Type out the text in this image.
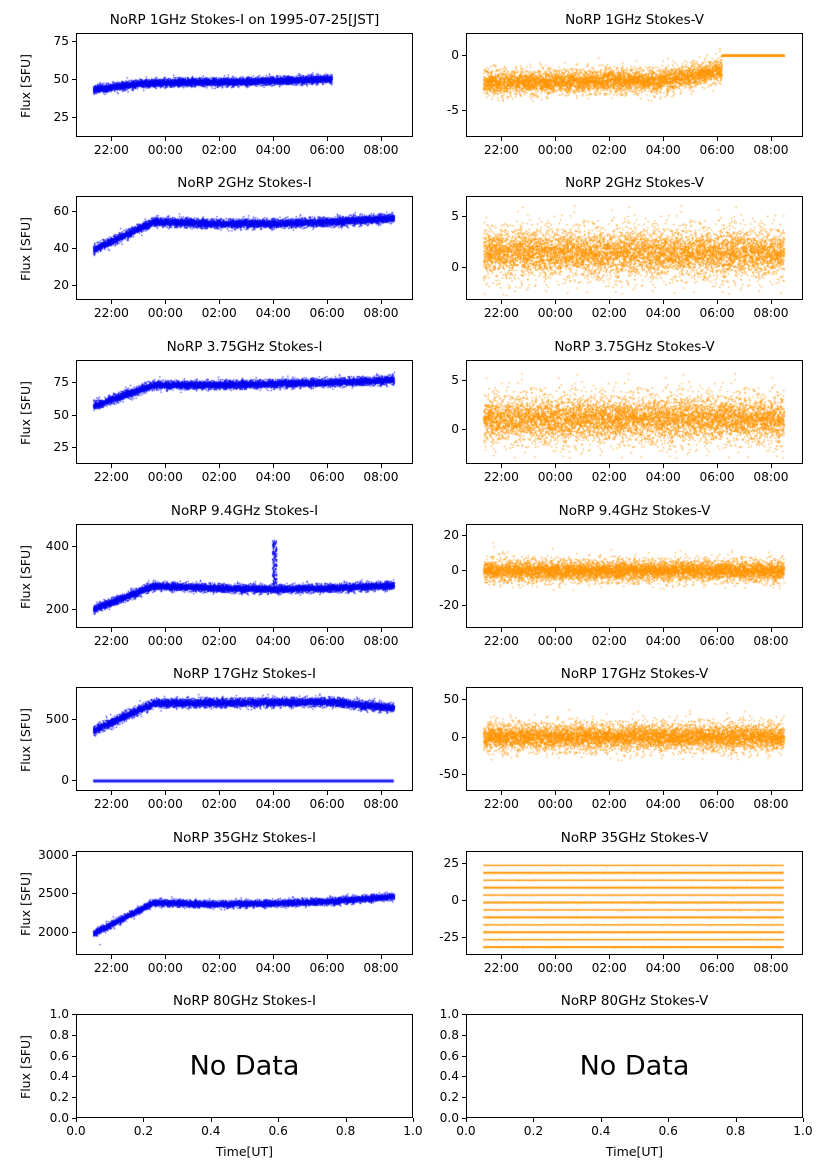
NoRP 1GHz Stokes-I on 1995-07-25[JST]
25
50
75
22:00 00:00 02:00 04:00 06:00 08:00
Flux [SFU]
NoRP 1GHz Stokes-V
-5
0
22:00 00:00 02:00 04:00 06:00 08:00
NoRP 2GHz Stokes-I
20
40
60
22:00 00:00 02:00 04:00 06:00 08:00
Flux [SFU]
NoRP 2GHz Stokes-V
0
5
22:00 00:00 02:00 04:00 06:00 08:00
NoRP 3.75GHz Stokes-I
25
50
75
22:00 00:00 02:00 04:00 06:00 08:00
Flux [SFU]
NoRP 3.75GHz Stokes-V
0
5
22:00 00:00 02:00 04:00 06:00 08:00
NoRP 9.4GHz Stokes-I
200
400
22:00 00:00 02:00 04:00 06:00 08:00
Flux [SFU]
NoRP 9.4GHz Stokes-V
-20
0
20
22:00 00:00 02:00 04:00 06:00 08:00
NoRP 17GHz Stokes-I
0
500
22:00 00:00 02:00 04:00 06:00 08:00
Flux [SFU]
NoRP 17GHz Stokes-V
-50
0
50
22:00 00:00 02:00 04:00 06:00 08:00
NoRP 35GHz Stokes-I
2000
2500
3000
22:00 00:00 02:00 04:00 06:00 08:00
Flux [SFU]
NoRP 35GHz Stokes-V
-25
0
25
22:00 00:00 02:00 04:00 06:00 08:00
NoRP 80GHz Stokes-I
No Data
0.0
0.2
0.4
0.6
0.8
1.0
0.0	0.2	0.4	0.6	0.8	1.0
Flux [SFU]
Time[UT]
NoRP 80GHz Stokes-V
No Data
0.0
0.2
0.4
0.6
0.8
1.0
0.0	0.2	0.4	0.6	0.8	1.0
Time[UT]
